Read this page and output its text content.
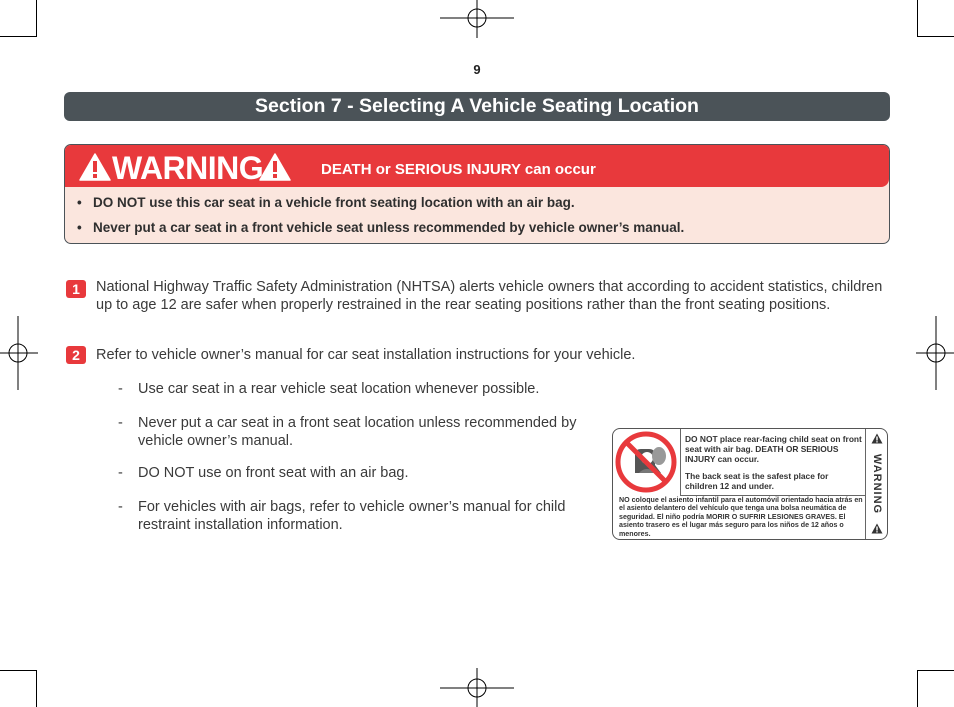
9
Section 7 - Selecting A Vehicle Seating Location
WARNING	DEATH or SERIOUS INJURY can occur
• DO NOT use this car seat in a vehicle front seating location with an air bag.
• Never put a car seat in a front vehicle seat unless recommended by vehicle owner’s manual.
1	National Highway Traffic Safety Administration (NHTSA) alerts vehicle owners that according to accident statistics, children up to age 12 are safer when properly restrained in the rear seating positions rather than the front seating positions.
2	Refer to vehicle owner’s manual for car seat installation instructions for your vehicle.
- Use car seat in a rear vehicle seat location whenever possible.
- Never put a car seat in a front seat location unless recommended by vehicle owner’s manual.
- DO NOT use on front seat with an air bag.
- For vehicles with air bags, refer to vehicle owner’s manual for child restraint installation information.
DO NOT place rear-facing child seat on front seat with air bag. DEATH OR SERIOUS INJURY can occur.
The back seat is the safest place for children 12 and under.
NO coloque el asiento infantil para el automóvil orientado hacia atrás en el asiento delantero del vehículo que tenga una bolsa neumática de seguridad. El niño podría MORIR O SUFRIR LESIONES GRAVES. El asiento trasero es el lugar más seguro para los niños de 12 años o menores.
WARNING
